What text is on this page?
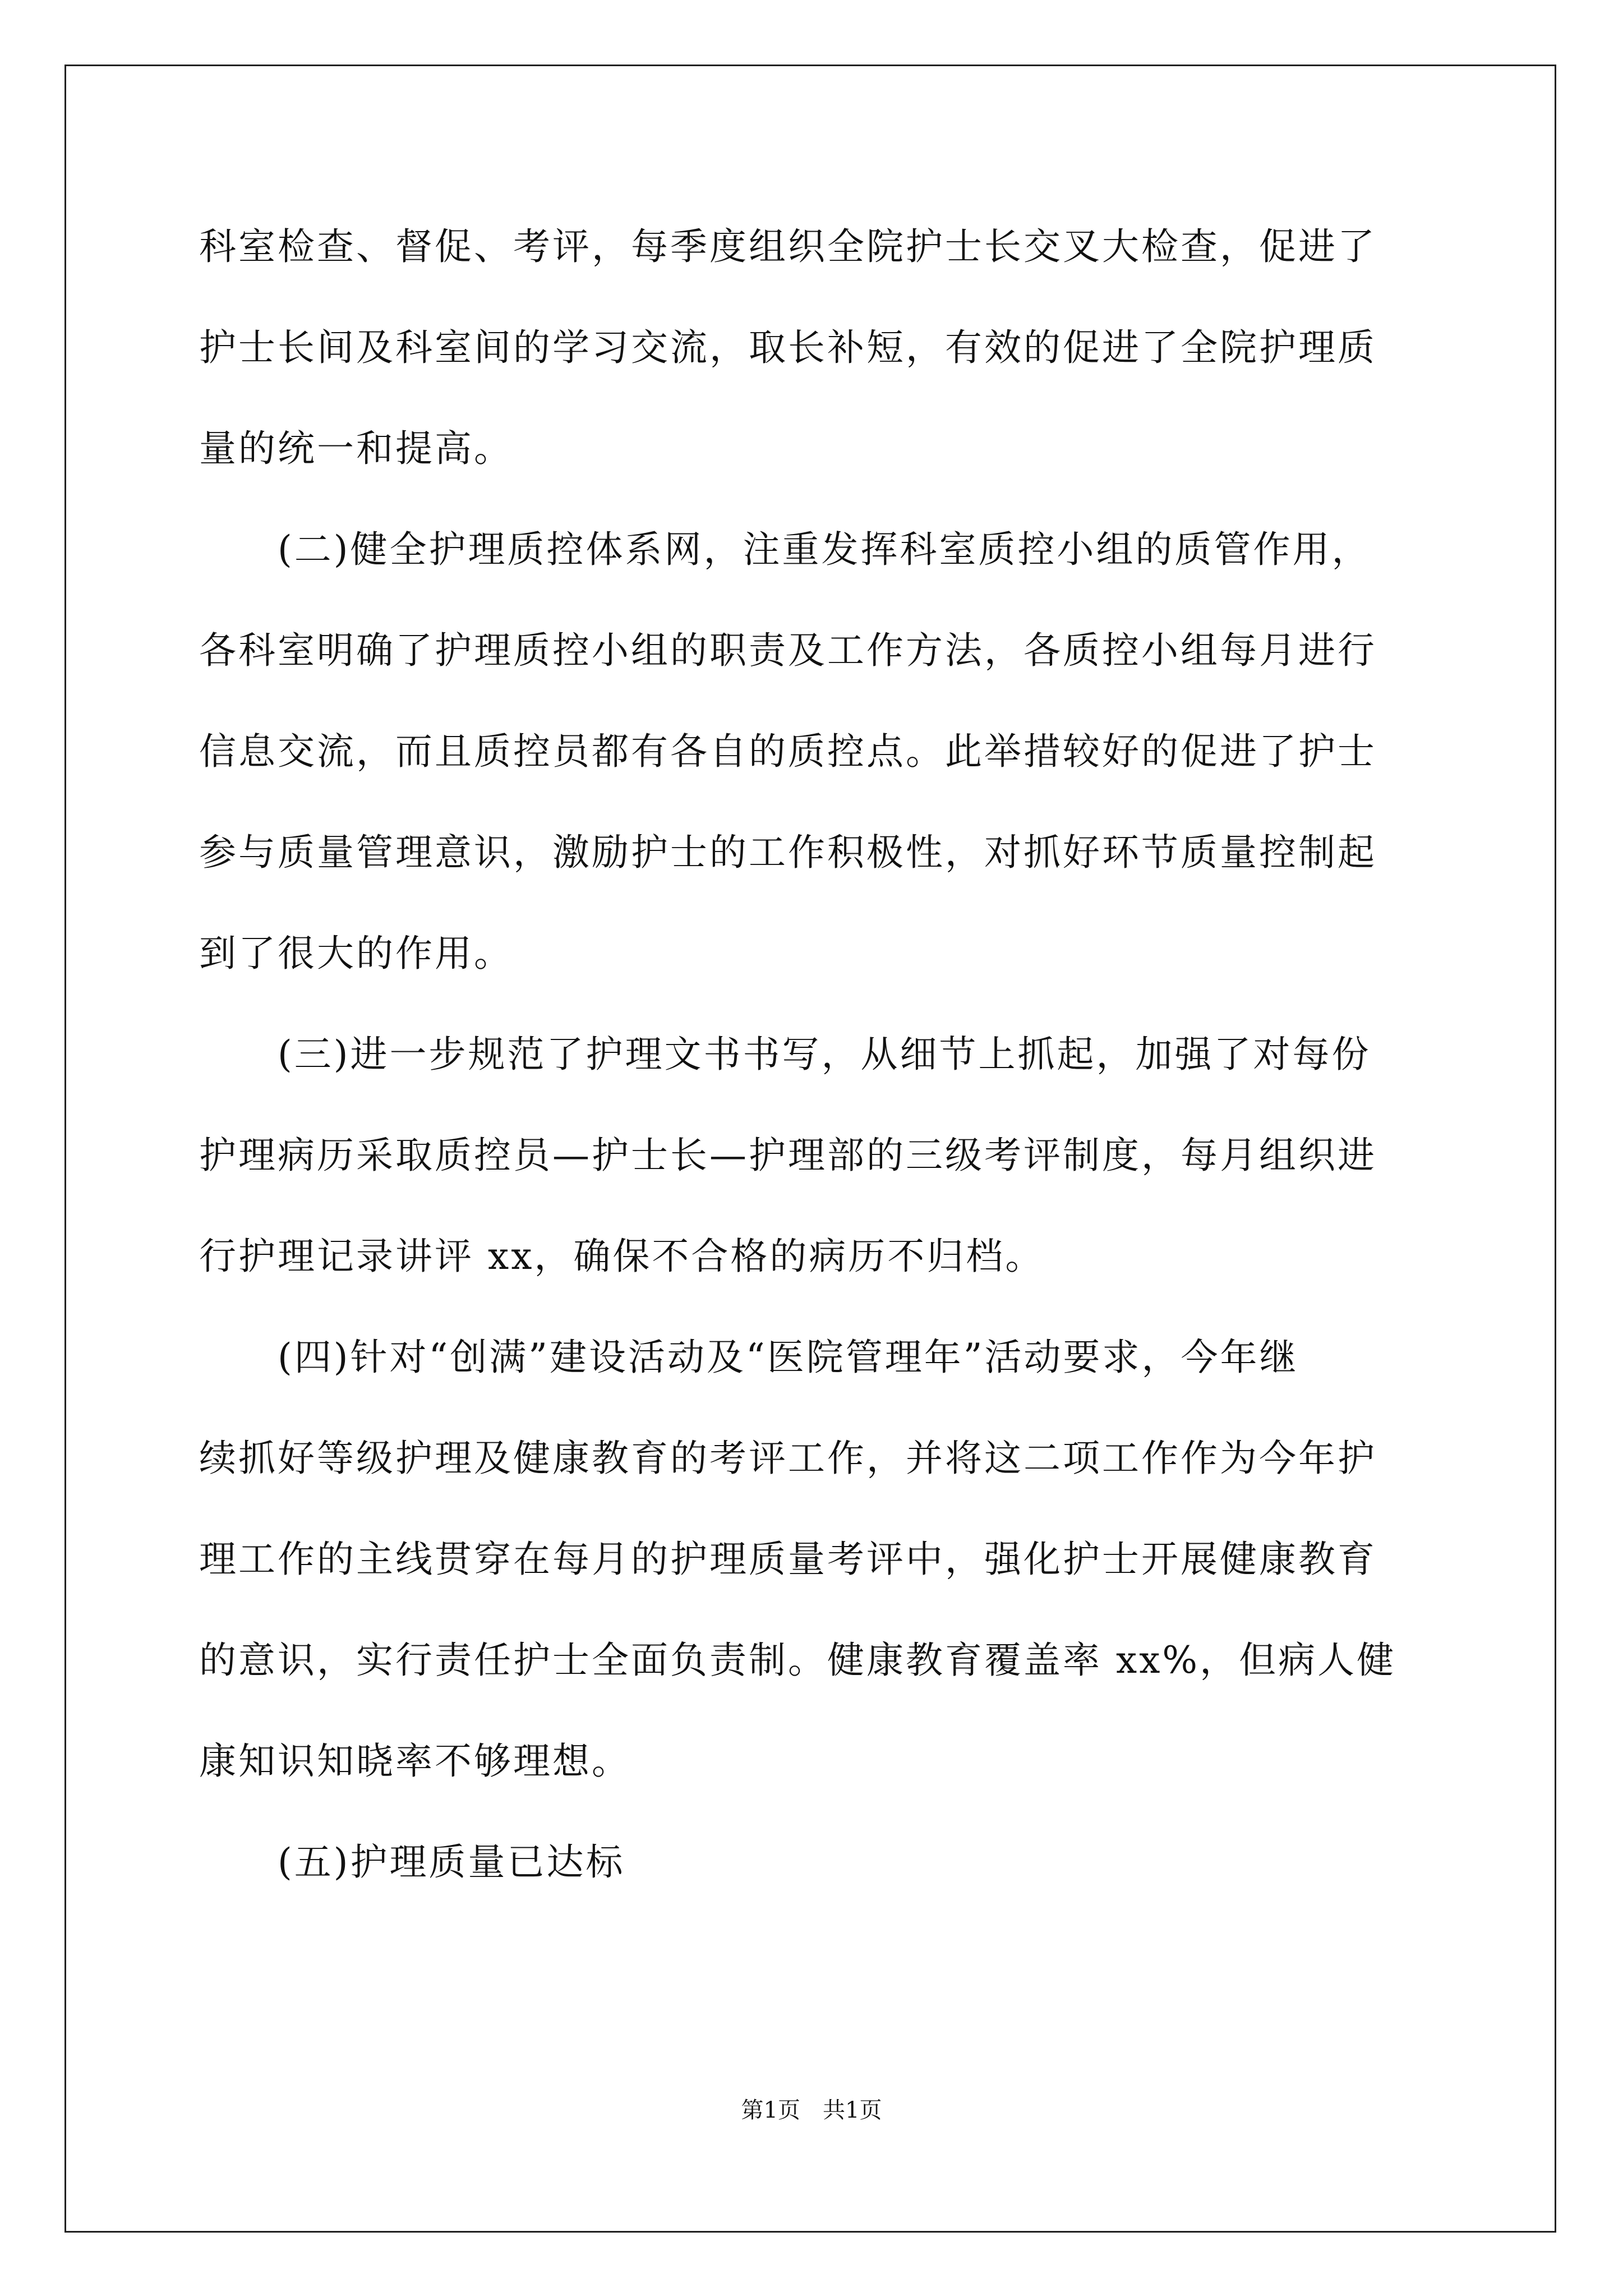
科室检查、督促、考评，每季度组织全院护士长交叉大检查，促进了
护士长间及科室间的学习交流，取长补短，有效的促进了全院护理质
量的统一和提高。
　　(二)健全护理质控体系网，注重发挥科室质控小组的质管作用，
各科室明确了护理质控小组的职责及工作方法，各质控小组每月进行
信息交流，而且质控员都有各自的质控点。此举措较好的促进了护士
参与质量管理意识，激励护士的工作积极性，对抓好环节质量控制起
到了很大的作用。
　　(三)进一步规范了护理文书书写，从细节上抓起，加强了对每份
护理病历采取质控员—护士长—护理部的三级考评制度，每月组织进
行护理记录讲评 xx，确保不合格的病历不归档。
　　(四)针对“创满”建设活动及“医院管理年”活动要求，今年继
续抓好等级护理及健康教育的考评工作，并将这二项工作作为今年护
理工作的主线贯穿在每月的护理质量考评中，强化护士开展健康教育
的意识，实行责任护士全面负责制。健康教育覆盖率 xx%，但病人健
康知识知晓率不够理想。
　　(五)护理质量已达标
第1页　共1页
